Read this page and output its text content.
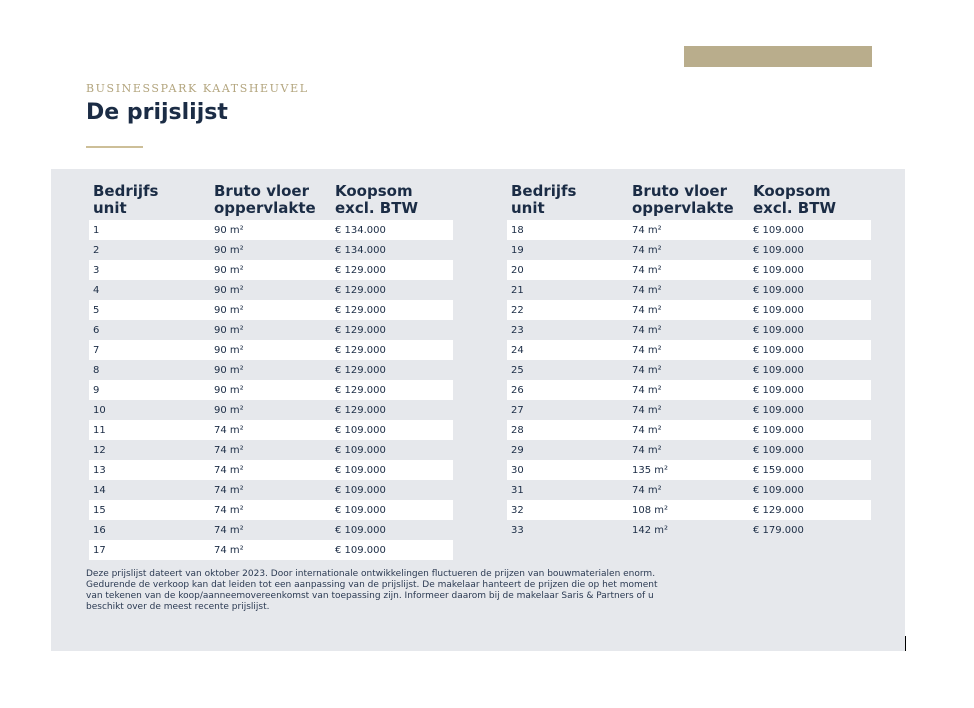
BUSINESSPARK KAATSHEUVEL
De prijslijst
Bedrijfs
unit
Bruto vloer
oppervlakte
Koopsom
excl. BTW
1	90 m²	€ 134.000
2	90 m²	€ 134.000
3	90 m²	€ 129.000
4	90 m²	€ 129.000
5	90 m²	€ 129.000
6	90 m²	€ 129.000
7	90 m²	€ 129.000
8	90 m²	€ 129.000
9	90 m²	€ 129.000
10	90 m²	€ 129.000
11	74 m²	€ 109.000
12	74 m²	€ 109.000
13	74 m²	€ 109.000
14	74 m²	€ 109.000
15	74 m²	€ 109.000
16	74 m²	€ 109.000
17	74 m²	€ 109.000
Bedrijfs
unit
Bruto vloer
oppervlakte
Koopsom
excl. BTW
18	74 m²	€ 109.000
19	74 m²	€ 109.000
20	74 m²	€ 109.000
21	74 m²	€ 109.000
22	74 m²	€ 109.000
23	74 m²	€ 109.000
24	74 m²	€ 109.000
25	74 m²	€ 109.000
26	74 m²	€ 109.000
27	74 m²	€ 109.000
28	74 m²	€ 109.000
29	74 m²	€ 109.000
30	135 m²	€ 159.000
31	74 m²	€ 109.000
32	108 m²	€ 129.000
33	142 m²	€ 179.000
Deze prijslijst dateert van oktober 2023. Door internationale ontwikkelingen fluctueren de prijzen van bouwmaterialen enorm.
Gedurende de verkoop kan dat leiden tot een aanpassing van de prijslijst. De makelaar hanteert de prijzen die op het moment
van tekenen van de koop/aanneemovereenkomst van toepassing zijn. Informeer daarom bij de makelaar Saris & Partners of u
beschikt over de meest recente prijslijst.
